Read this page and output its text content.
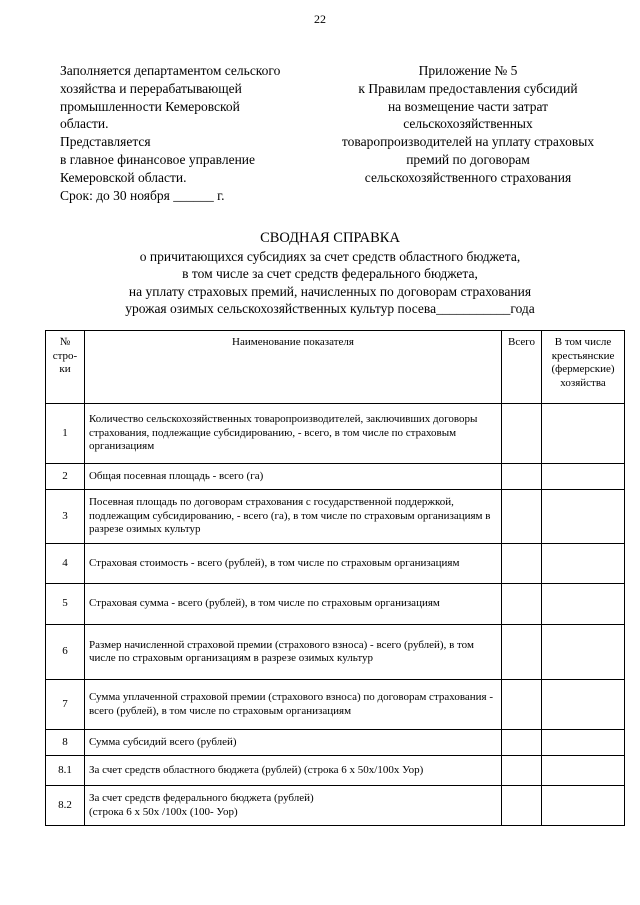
22
Заполняется департаментом сельского
хозяйства и перерабатывающей
промышленности Кемеровской
области.
Представляется
в главное финансовое управление
Кемеровской области.
Срок: до 30 ноября ______ г.
Приложение № 5
к Правилам предоставления субсидий
на возмещение части затрат
сельскохозяйственных
товаропроизводителей на уплату страховых
премий по договорам
сельскохозяйственного страхования
СВОДНАЯ СПРАВКА
о причитающихся субсидиях за счет средств областного бюджета,
в том числе за счет средств федерального бюджета,
на уплату страховых премий, начисленных по договорам страхования
урожая озимых сельскохозяйственных культур посева___________года
№ стро-ки	Наименование показателя	Всего	В том числе крестьянские (фермерские) хозяйства
1	Количество сельскохозяйственных товаропроизводителей, заключивших договоры страхования, подлежащие субсидированию, - всего, в том числе по страховым организациям		
2	Общая посевная площадь - всего (га)		
3	Посевная площадь по договорам страхования с государственной поддержкой, подлежащим субсидированию, - всего (га), в том числе по страховым организациям в разрезе озимых культур		
4	Страховая стоимость - всего (рублей), в том числе по страховым организациям		
5	Страховая сумма - всего (рублей), в том числе по страховым организациям		
6	Размер начисленной страховой премии (страхового взноса) - всего (рублей), в том числе по страховым организациям в разрезе озимых культур		
7	Сумма уплаченной страховой премии (страхового взноса) по договорам страхования - всего (рублей), в том числе по страховым организациям		
8	Сумма субсидий всего (рублей)		
8.1	За счет средств областного бюджета (рублей) (строка 6 х 50х/100х Уор)		
8.2	За счет средств федерального бюджета (рублей)
(строка 6 х 50х /100х (100- Уор)		
